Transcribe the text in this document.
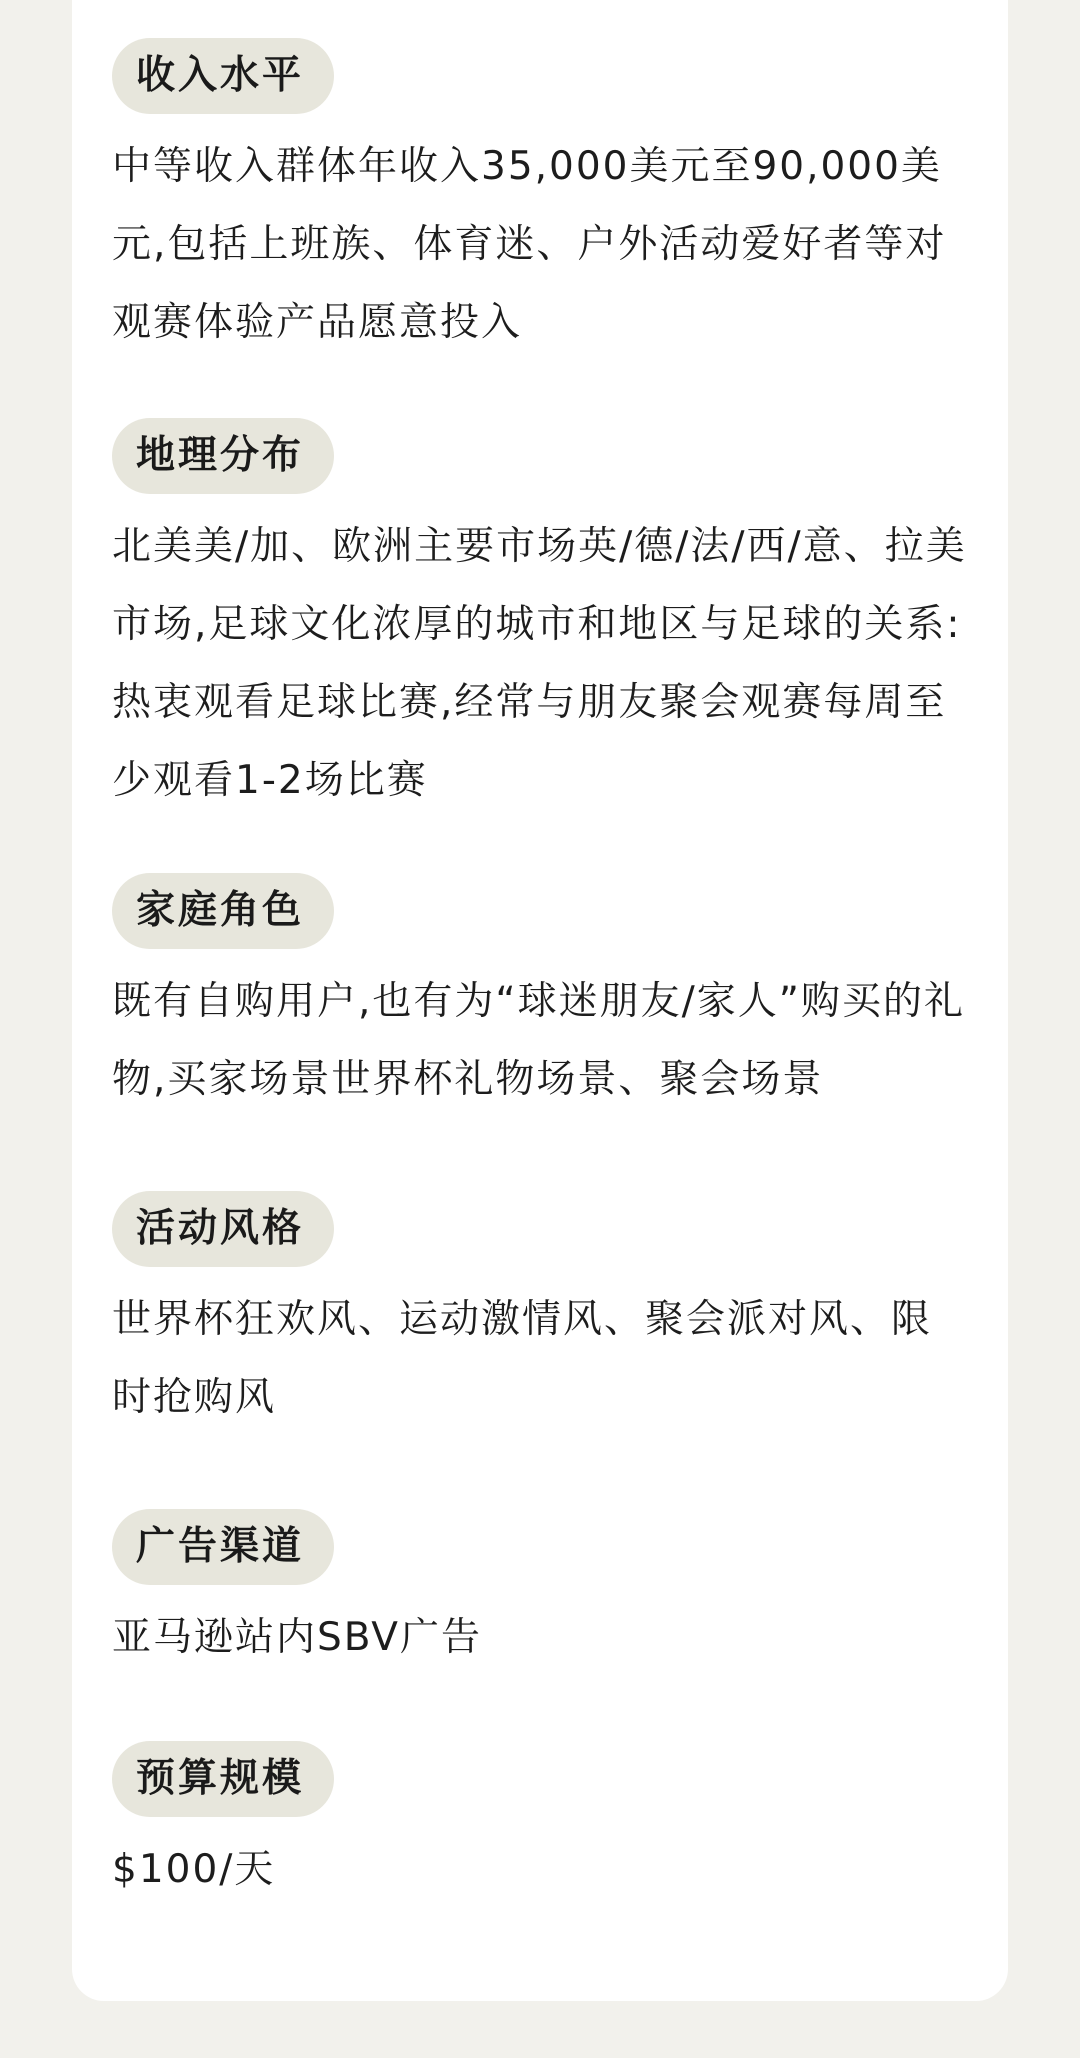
收入水平

中等收入群体年收入35,000美元至90,000美元,包括上班族、体育迷、户外活动爱好者等对观赛体验产品愿意投入

地理分布

北美美/加、欧洲主要市场英/德/法/西/意、拉美市场,足球文化浓厚的城市和地区与足球的关系:热衷观看足球比赛,经常与朋友聚会观赛每周至少观看1-2场比赛

家庭角色

既有自购用户,也有为“球迷朋友/家人”购买的礼物,买家场景世界杯礼物场景、聚会场景

活动风格

世界杯狂欢风、运动激情风、聚会派对风、限时抢购风

广告渠道

亚马逊站内SBV广告

预算规模

$100/天
